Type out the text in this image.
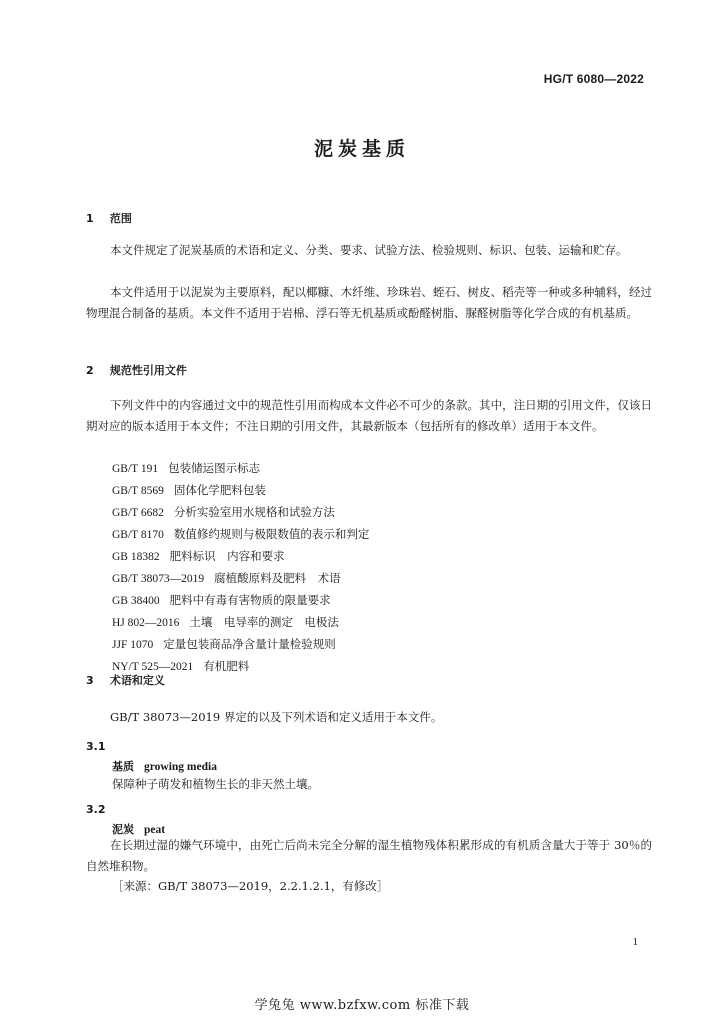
HG/T 6080—2022
泥炭基质
1 范围
本文件规定了泥炭基质的术语和定义、分类、要求、试验方法、检验规则、标识、包装、运输和贮存。
本文件适用于以泥炭为主要原料，配以椰糠、木纤维、珍珠岩、蛭石、树皮、稻壳等一种或多种辅料，经过物理混合制备的基质。本文件不适用于岩棉、浮石等无机基质或酚醛树脂、脲醛树脂等化学合成的有机基质。
2 规范性引用文件
下列文件中的内容通过文中的规范性引用而构成本文件必不可少的条款。其中，注日期的引用文件，仅该日期对应的版本适用于本文件；不注日期的引用文件，其最新版本（包括所有的修改单）适用于本文件。
GB/T 191 包装储运图示标志
GB/T 8569 固体化学肥料包装
GB/T 6682 分析实验室用水规格和试验方法
GB/T 8170 数值修约规则与极限数值的表示和判定
GB 18382 肥料标识　内容和要求
GB/T 38073—2019 腐植酸原料及肥料　术语
GB 38400 肥料中有毒有害物质的限量要求
HJ 802—2016 土壤　电导率的测定　电极法
JJF 1070 定量包装商品净含量计量检验规则
NY/T 525—2021 有机肥料
3 术语和定义
GB/T 38073—2019 界定的以及下列术语和定义适用于本文件。
3.1
基质 growing media
保障种子萌发和植物生长的非天然土壤。
3.2
泥炭 peat
在长期过湿的嫌气环境中，由死亡后尚未完全分解的湿生植物残体积累形成的有机质含量大于等于 30％的自然堆积物。
［来源：GB/T 38073—2019，2.2.1.2.1，有修改］
1
学兔兔 www.bzfxw.com 标准下载
